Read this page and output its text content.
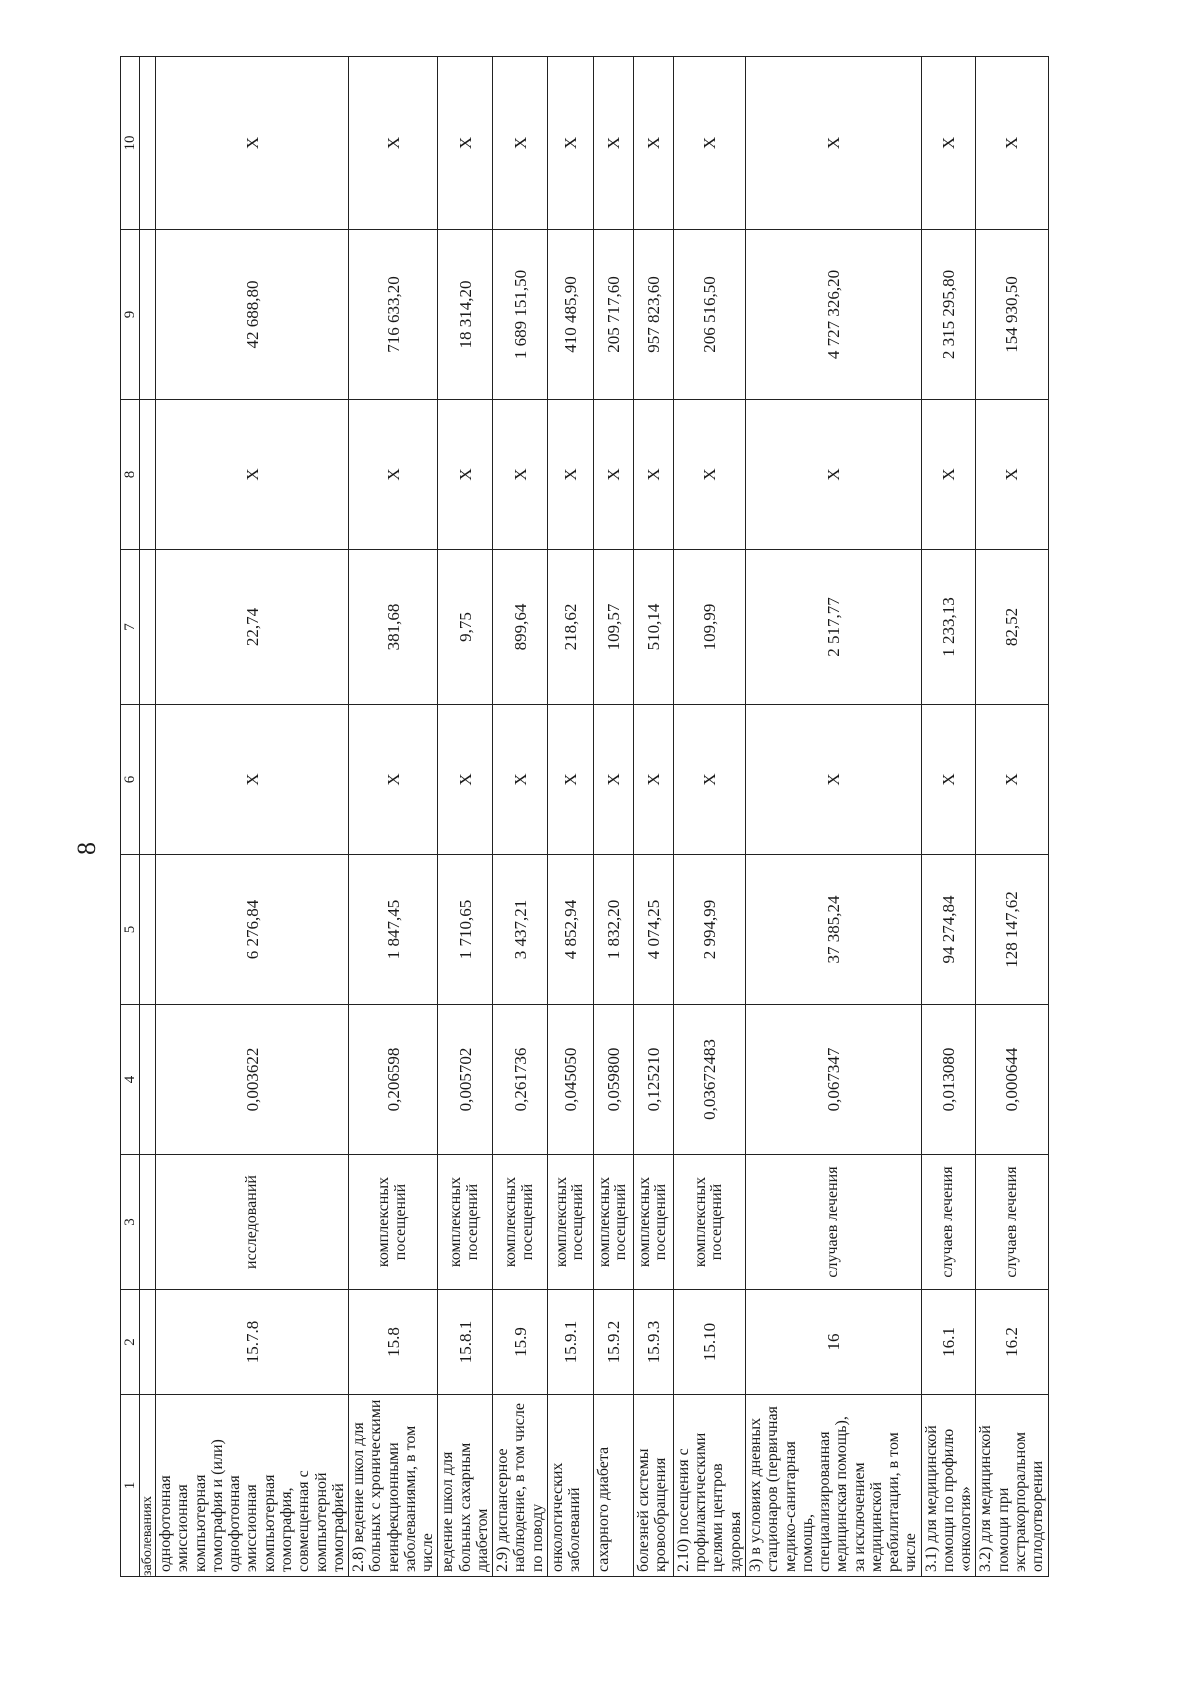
8
1	2	3	4	5	6	7	8	9	10
заболеваниях									
однофотонная эмиссионная компьютерная томография и (или) однофотонная эмиссионная компьютерная томография, совмещенная с компьютерной томографией	15.7.8	исследований	0,003622	6 276,84	X	22,74	X	42 688,80	X
2.8) ведение школ для больных с хроническими неинфекционными заболеваниями, в том числе	15.8	комплексных посещений	0,206598	1 847,45	X	381,68	X	716 633,20	X
ведение школ для больных сахарным диабетом	15.8.1	комплексных посещений	0,005702	1 710,65	X	9,75	X	18 314,20	X
2.9) диспансерное наблюдение, в том числе по поводу	15.9	комплексных посещений	0,261736	3 437,21	X	899,64	X	1 689 151,50	X
онкологических заболеваний	15.9.1	комплексных посещений	0,045050	4 852,94	X	218,62	X	410 485,90	X
сахарного диабета	15.9.2	комплексных посещений	0,059800	1 832,20	X	109,57	X	205 717,60	X
болезней системы кровообращения	15.9.3	комплексных посещений	0,125210	4 074,25	X	510,14	X	957 823,60	X
2.10) посещения с профилактическими целями центров здоровья	15.10	комплексных посещений	0,03672483	2 994,99	X	109,99	X	206 516,50	X
3) в условиях дневных стационаров (первичная медико-санитарная помощь, специализированная медицинская помощь), за исключением медицинской реабилитации, в том числе	16	случаев лечения	0,067347	37 385,24	X	2 517,77	X	4 727 326,20	X
3.1) для медицинской помощи по профилю «онкология»	16.1	случаев лечения	0,013080	94 274,84	X	1 233,13	X	2 315 295,80	X
3.2) для медицинской помощи при экстракорпоральном оплодотворении	16.2	случаев лечения	0,000644	128 147,62	X	82,52	X	154 930,50	X
